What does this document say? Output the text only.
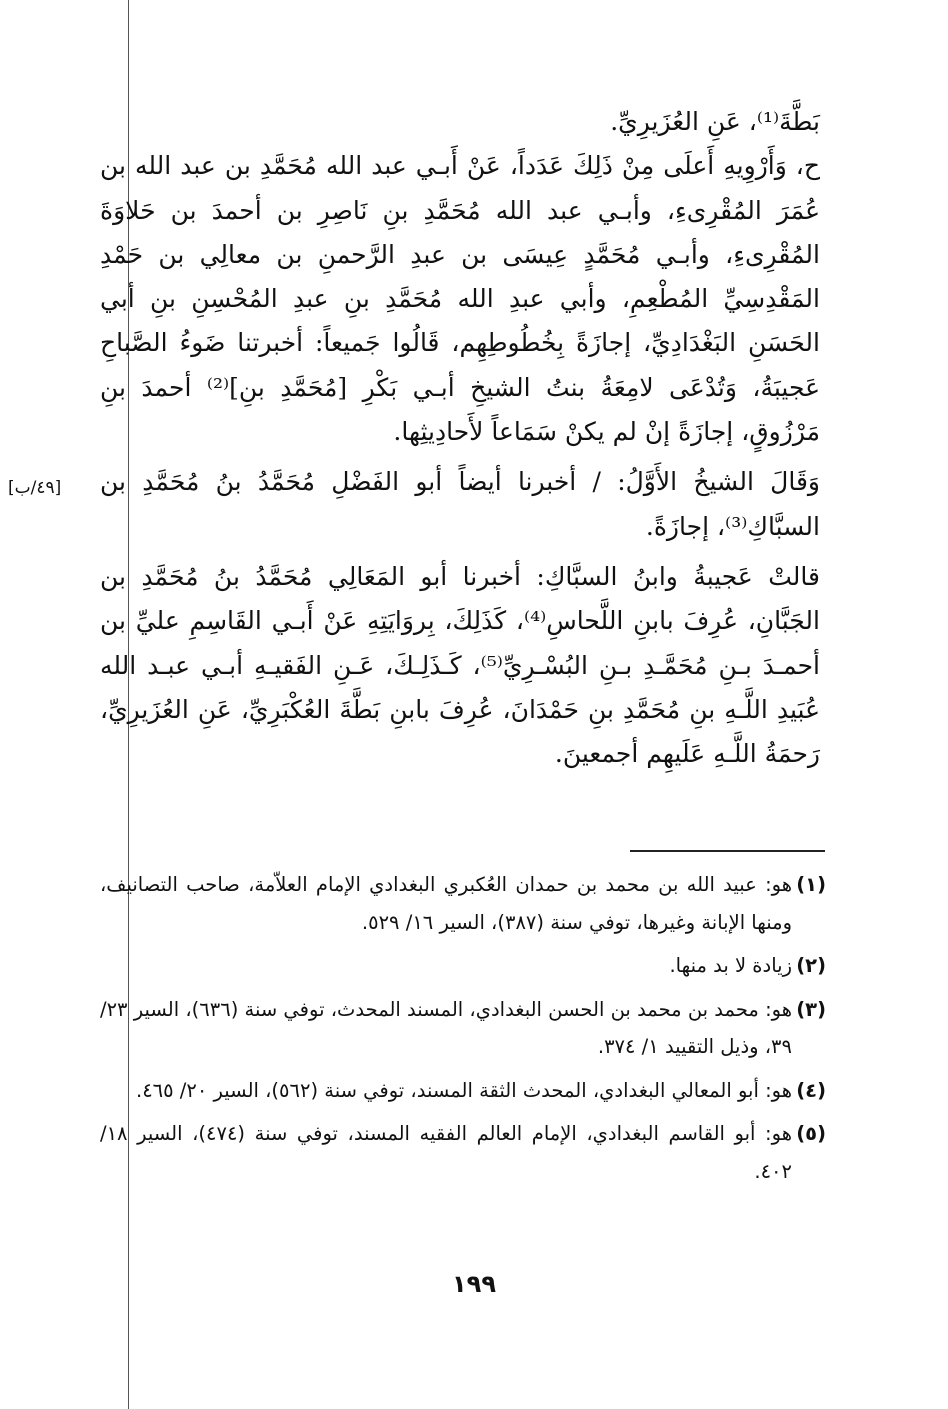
بَطَّةَ⁽¹⁾، عَنِ العُزَيرِيِّ.

ح، وَأَرْوِيهِ أَعلَى مِنْ ذَلِكَ عَدَداً، عَنْ أَبـي عبد الله مُحَمَّدِ بن عبد الله بن عُمَرَ المُقْرِىءِ، وأبـي عبد الله مُحَمَّدِ بنِ نَاصِرِ بن أحمدَ بن حَلاوَةَ المُقْرِىءِ، وأبـي مُحَمَّدٍ عِيسَى بن عبدِ الرَّحمنِ بن معالِي بن حَمْدِ المَقْدِسِيِّ المُطْعِمِ، وأبي عبدِ الله مُحَمَّدِ بنِ عبدِ المُحْسِنِ بنِ أبي الحَسَنِ البَغْدَادِيِّ، إجازَةً بِخُطُوطِهِم، قَالُوا جَميعاً: أخبرتنا ضَوءُ الصَّباحِ عَجيبَةُ، وَتُدْعَى لامِعَةُ بنتُ الشيخِ أبـي بَكْرِ [مُحَمَّدِ بنِ]⁽²⁾ أحمدَ بنِ مَرْزُوقٍ، إجازَةً إنْ لم يكنْ سَمَاعاً لأَحادِيثِها.

وَقَالَ الشيخُ الأَوَّلُ: / أخبرنا أيضاً أبو الفَضْلِ مُحَمَّدُ بنُ مُحَمَّدِ بن السبَّاكِ⁽³⁾، إجازَةً.

قالتْ عَجيبةُ وابنُ السبَّاكِ: أخبرنا أبو المَعَالِي مُحَمَّدُ بنُ مُحَمَّدِ بن الجَبَّانِ، عُرِفَ بابنِ اللَّحاسِ⁽⁴⁾، كَذَلِكَ، بِروَايَتِهِ عَنْ أَبـي القَاسِمِ عليِّ بن أحمـدَ بـنِ مُحَمَّـدِ بـنِ البُسْـرِيِّ⁽⁵⁾، كَـذَلِـكَ، عَـنِ الفَقيـهِ أبـي عبـد الله عُبَيدِ اللَّـهِ بنِ مُحَمَّدِ بنِ حَمْدَانَ، عُرِفَ بابنِ بَطَّةَ العُكْبَرِيِّ، عَنِ العُزَيرِيِّ، رَحمَةُ اللَّـهِ عَلَيهِم أجمعينَ.

[٤٩/ب]
(١)
هو: عبيد الله بن محمد بن حمدان العُكبري البغدادي الإمام العلاّمة، صاحب التصانيف، ومنها الإبانة وغيرها، توفي سنة (٣٨٧)، السير ١٦/ ٥٢٩.
(٢)
زيادة لا بد منها.
(٣)
هو: محمد بن محمد بن الحسن البغدادي، المسند المحدث، توفي سنة (٦٣٦)، السير ٢٣/ ٣٩، وذيل التقييد ١/ ٣٧٤.
(٤)
هو: أبو المعالي البغدادي، المحدث الثقة المسند، توفي سنة (٥٦٢)، السير ٢٠/ ٤٦٥.
(٥)
هو: أبو القاسم البغدادي، الإمام العالم الفقيه المسند، توفي سنة (٤٧٤)، السير ١٨/ ٤٠٢.
١٩٩
